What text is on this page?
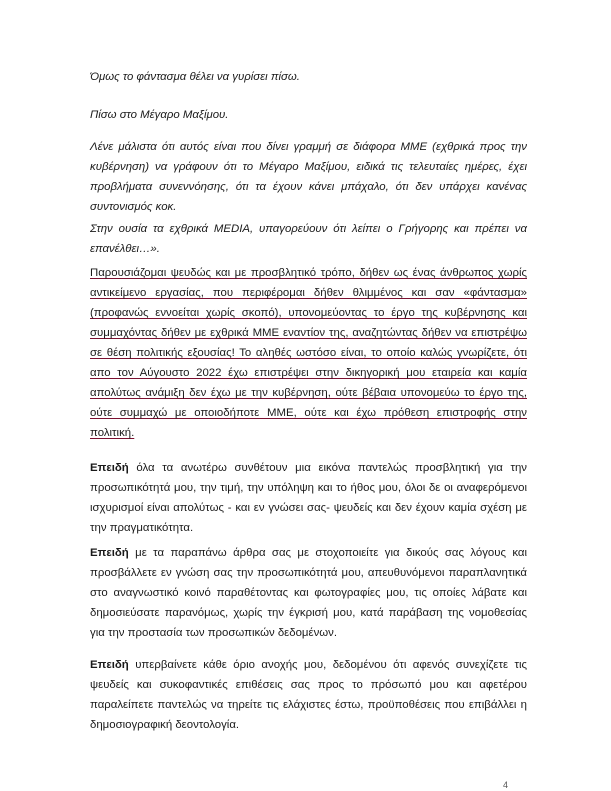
Όμως το φάντασμα θέλει να γυρίσει πίσω.

Πίσω στο Μέγαρο Μαξίμου.

Λένε μάλιστα ότι αυτός είναι που δίνει γραμμή σε διάφορα ΜΜΕ (εχθρικά προς την κυβέρνηση) να γράφουν ότι το Μέγαρο Μαξίμου, ειδικά τις τελευταίες ημέρες, έχει προβλήματα συνεννόησης, ότι τα έχουν κάνει μπάχαλο, ότι δεν υπάρχει κανένας συντονισμός κοκ.

Στην ουσία τα εχθρικά MEDIA, υπαγορεύουν ότι λείπει ο Γρήγορης και πρέπει να επανέλθει…».

Παρουσιάζομαι ψευδώς και με προσβλητικό τρόπο, δήθεν ως ένας άνθρωπος χωρίς αντικείμενο εργασίας, που περιφέρομαι δήθεν θλιμμένος και σαν «φάντασμα» (προφανώς εννοείται χωρίς σκοπό), υπονομεύοντας το έργο της κυβέρνησης και συμμαχόντας δήθεν με εχθρικά ΜΜΕ εναντίον της, αναζητώντας δήθεν να επιστρέψω σε θέση πολιτικής εξουσίας! Το αληθές ωστόσο είναι, το οποίο καλώς γνωρίζετε, ότι απο τον Αύγουστο 2022 έχω επιστρέψει στην δικηγορική μου εταιρεία και καμία απολύτως ανάμιξη δεν έχω με την κυβέρνηση, ούτε βέβαια υπονομεύω το έργο της, ούτε συμμαχώ με οποιοδήποτε ΜΜΕ, ούτε και έχω πρόθεση επιστροφής στην πολιτική.

Επειδή όλα τα ανωτέρω συνθέτουν μια εικόνα παντελώς προσβλητική για την προσωπικότητά μου, την τιμή, την υπόληψη και το ήθος μου, όλοι δε οι αναφερόμενοι ισχυρισμοί είναι απολύτως - και εν γνώσει σας- ψευδείς και δεν έχουν καμία σχέση με την πραγματικότητα.

Επειδή με τα παραπάνω άρθρα σας με στοχοποιείτε για δικούς σας λόγους και προσβάλλετε εν γνώση σας την προσωπικότητά μου, απευθυνόμενοι παραπλανητικά στο αναγνωστικό κοινό παραθέτοντας και φωτογραφίες μου, τις οποίες λάβατε και δημοσιεύσατε παρανόμως, χωρίς την έγκρισή μου, κατά παράβαση της νομοθεσίας για την προστασία των προσωπικών δεδομένων.

Επειδή υπερβαίνετε κάθε όριο ανοχής μου, δεδομένου ότι αφενός συνεχίζετε τις ψευδείς και συκοφαντικές επιθέσεις σας προς το πρόσωπό μου και αφετέρου παραλείπετε παντελώς να τηρείτε τις ελάχιστες έστω, προϋποθέσεις που επιβάλλει η δημοσιογραφική δεοντολογία.

4
